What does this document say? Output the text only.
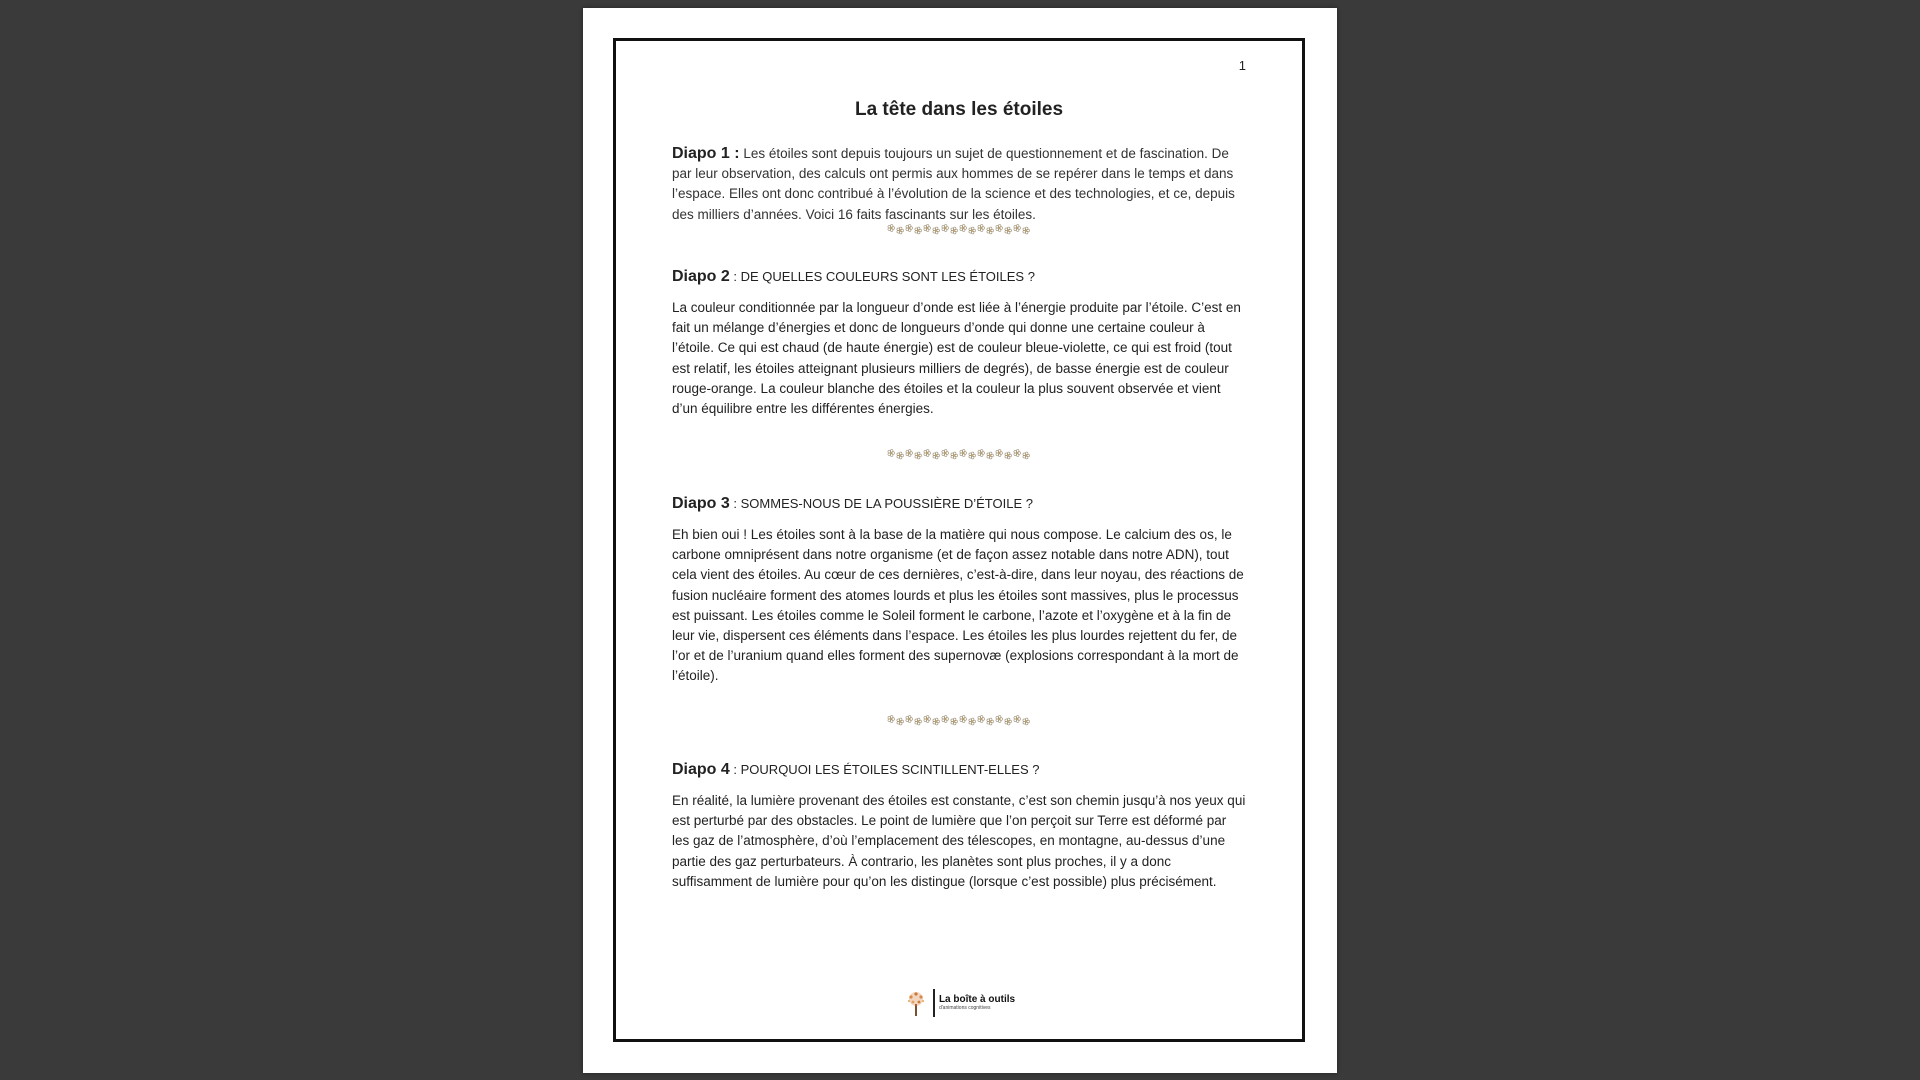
1
La tête dans les étoiles

Diapo 1 : Les étoiles sont depuis toujours un sujet de questionnement et de fascination. De par leur observation, des calculs ont permis aux hommes de se repérer dans le temps et dans l’espace. Elles ont donc contribué à l’évolution de la science et des technologies, et ce, depuis des milliers d’années. Voici 16 faits fascinants sur les étoiles.

Diapo 2 : DE QUELLES COULEURS SONT LES ÉTOILES ?

La couleur conditionnée par la longueur d’onde est liée à l’énergie produite par l’étoile. C’est en fait un mélange d’énergies et donc de longueurs d’onde qui donne une certaine couleur à l’étoile. Ce qui est chaud (de haute énergie) est de couleur bleue-violette, ce qui est froid (tout est relatif, les étoiles atteignant plusieurs milliers de degrés), de basse énergie est de couleur rouge-orange. La couleur blanche des étoiles et la couleur la plus souvent observée et vient d’un équilibre entre les différentes énergies.

Diapo 3 : SOMMES-NOUS DE LA POUSSIÈRE D’ÉTOILE ?

Eh bien oui ! Les étoiles sont à la base de la matière qui nous compose. Le calcium des os, le carbone omniprésent dans notre organisme (et de façon assez notable dans notre ADN), tout cela vient des étoiles. Au cœur de ces dernières, c’est-à-dire, dans leur noyau, des réactions de fusion nucléaire forment des atomes lourds et plus les étoiles sont massives, plus le processus est puissant. Les étoiles comme le Soleil forment le carbone, l’azote et l’oxygène et à la fin de leur vie, dispersent ces éléments dans l’espace. Les étoiles les plus lourdes rejettent du fer, de l’or et de l’uranium quand elles forment des supernovæ (explosions correspondant à la mort de l’étoile).

Diapo 4 : POURQUOI LES ÉTOILES SCINTILLENT-ELLES ?

En réalité, la lumière provenant des étoiles est constante, c’est son chemin jusqu’à nos yeux qui est perturbé par des obstacles. Le point de lumière que l’on perçoit sur Terre est déformé par les gaz de l’atmosphère, d’où l’emplacement des télescopes, en montagne, au-dessus d’une partie des gaz perturbateurs. À contrario, les planètes sont plus proches, il y a donc suffisamment de lumière pour qu’on les distingue (lorsque c’est possible) plus précisément.

La boîte à outils
d'animations cognitives
